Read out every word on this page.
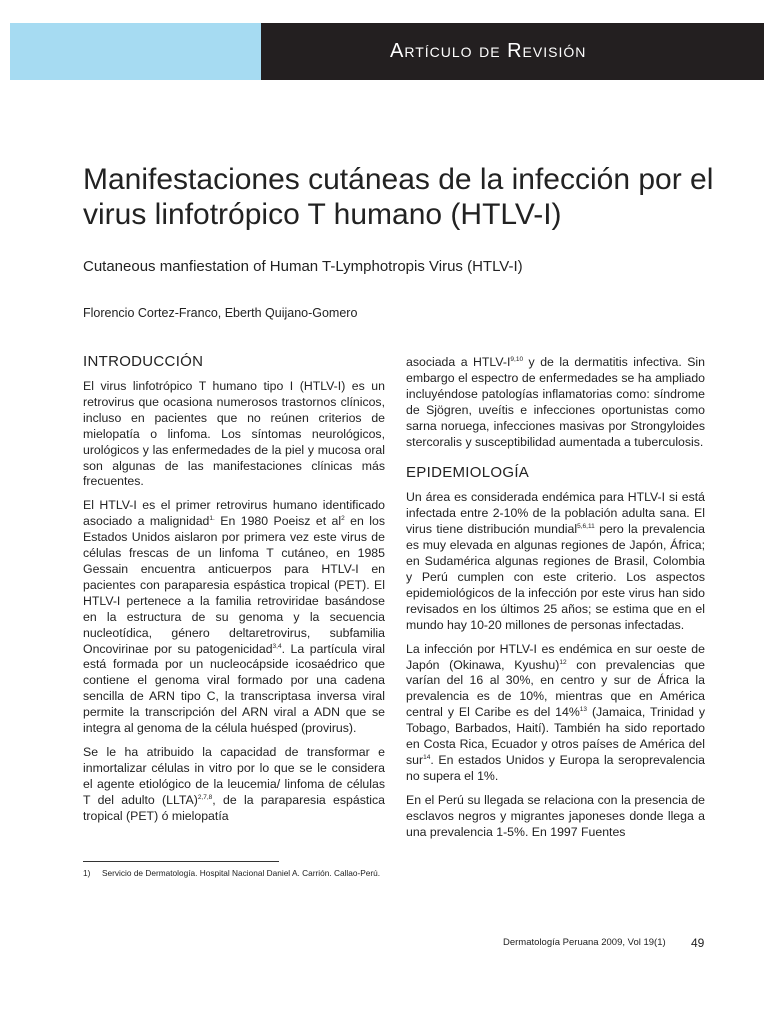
Artículo de Revisión
Manifestaciones cutáneas de la infección por el virus linfotrópico T humano (HTLV-I)
Cutaneous manfiestation of Human T-Lymphotropis Virus (HTLV-I)
Florencio Cortez-Franco, Eberth Quijano-Gomero
INTRODUCCIÓN

El virus linfotrópico T humano tipo I (HTLV-I) es un retrovirus que ocasiona numerosos trastornos clínicos, incluso en pacientes que no reúnen criterios de mielopatía o linfoma. Los síntomas neurológicos, urológicos y las enfermedades de la piel y mucosa oral son algunas de las manifestaciones clínicas más frecuentes.

El HTLV-I es el primer retrovirus humano identificado asociado a malignidad$^{1.}$ En 1980 Poeisz et $al^2$ en los Estados Unidos aislaron por primera vez este virus de células frescas de un linfoma T cutáneo, en 1985 Gessain encuentra anticuerpos para HTLV-I en pacientes con paraparesia espástica tropical (PET). El HTLV-I pertenece a la familia retroviridae basándose en la estructura de su genoma y la secuencia nucleotídica, género deltaretrovirus, subfamilia Oncovirinae por su patogenicidad$^{3,4}$. La partícula viral está formada por un nucleocápside icosaédrico que contiene el genoma viral formado por una cadena sencilla de ARN tipo C, la transcriptasa inversa viral permite la transcripción del ARN viral a ADN que se integra al genoma de la célula huésped (provirus).

Se le ha atribuido la capacidad de transformar e inmortalizar células in vitro por lo que se le considera el agente etiológico de la leucemia/ linfoma de células T del adulto (LLTA)$^{2,7,8}$, de la paraparesia espástica tropical (PET) ó mielopatía

asociada a HTLV-$I^{9,10}$ y de la dermatitis infectiva. Sin embargo el espectro de enfermedades se ha ampliado incluyéndose patologías inflamatorias como: síndrome de Sjögren, uveítis e infecciones oportunistas como sarna noruega, infecciones masivas por Strongyloides stercoralis y susceptibilidad aumentada a tuberculosis.

EPIDEMIOLOGÍA

Un área es considerada endémica para HTLV-I si está infectada entre 2-10% de la población adulta sana. El virus tiene distribución mundial$^{5,6,11}$ pero la prevalencia es muy elevada en algunas regiones de Japón, África; en Sudamérica algunas regiones de Brasil, Colombia y Perú cumplen con este criterio. Los aspectos epidemiológicos de la infección por este virus han sido revisados en los últimos 25 años; se estima que en el mundo hay 10-20 millones de personas infectadas.

La infección por HTLV-I es endémica en sur oeste de Japón (Okinawa, Kyushu)$^{12}$ con prevalencias que varían del 16 al 30%, en centro y sur de África la prevalencia es de 10%, mientras que en América central y El Caribe es del 14%$^{13}$ (Jamaica, Trinidad y Tobago, Barbados, Haití). También ha sido reportado en Costa Rica, Ecuador y otros países de América del sur$^{14}$. En estados Unidos y Europa la seroprevalencia no supera el 1%.

En el Perú su llegada se relaciona con la presencia de esclavos negros y migrantes japoneses donde llega a una prevalencia 1-5%. En 1997 Fuentes

1)	Servicio de Dermatología. Hospital Nacional Daniel A. Carrión. Callao-Perú.
Dermatología Peruana 2009, Vol 19(1) 49
